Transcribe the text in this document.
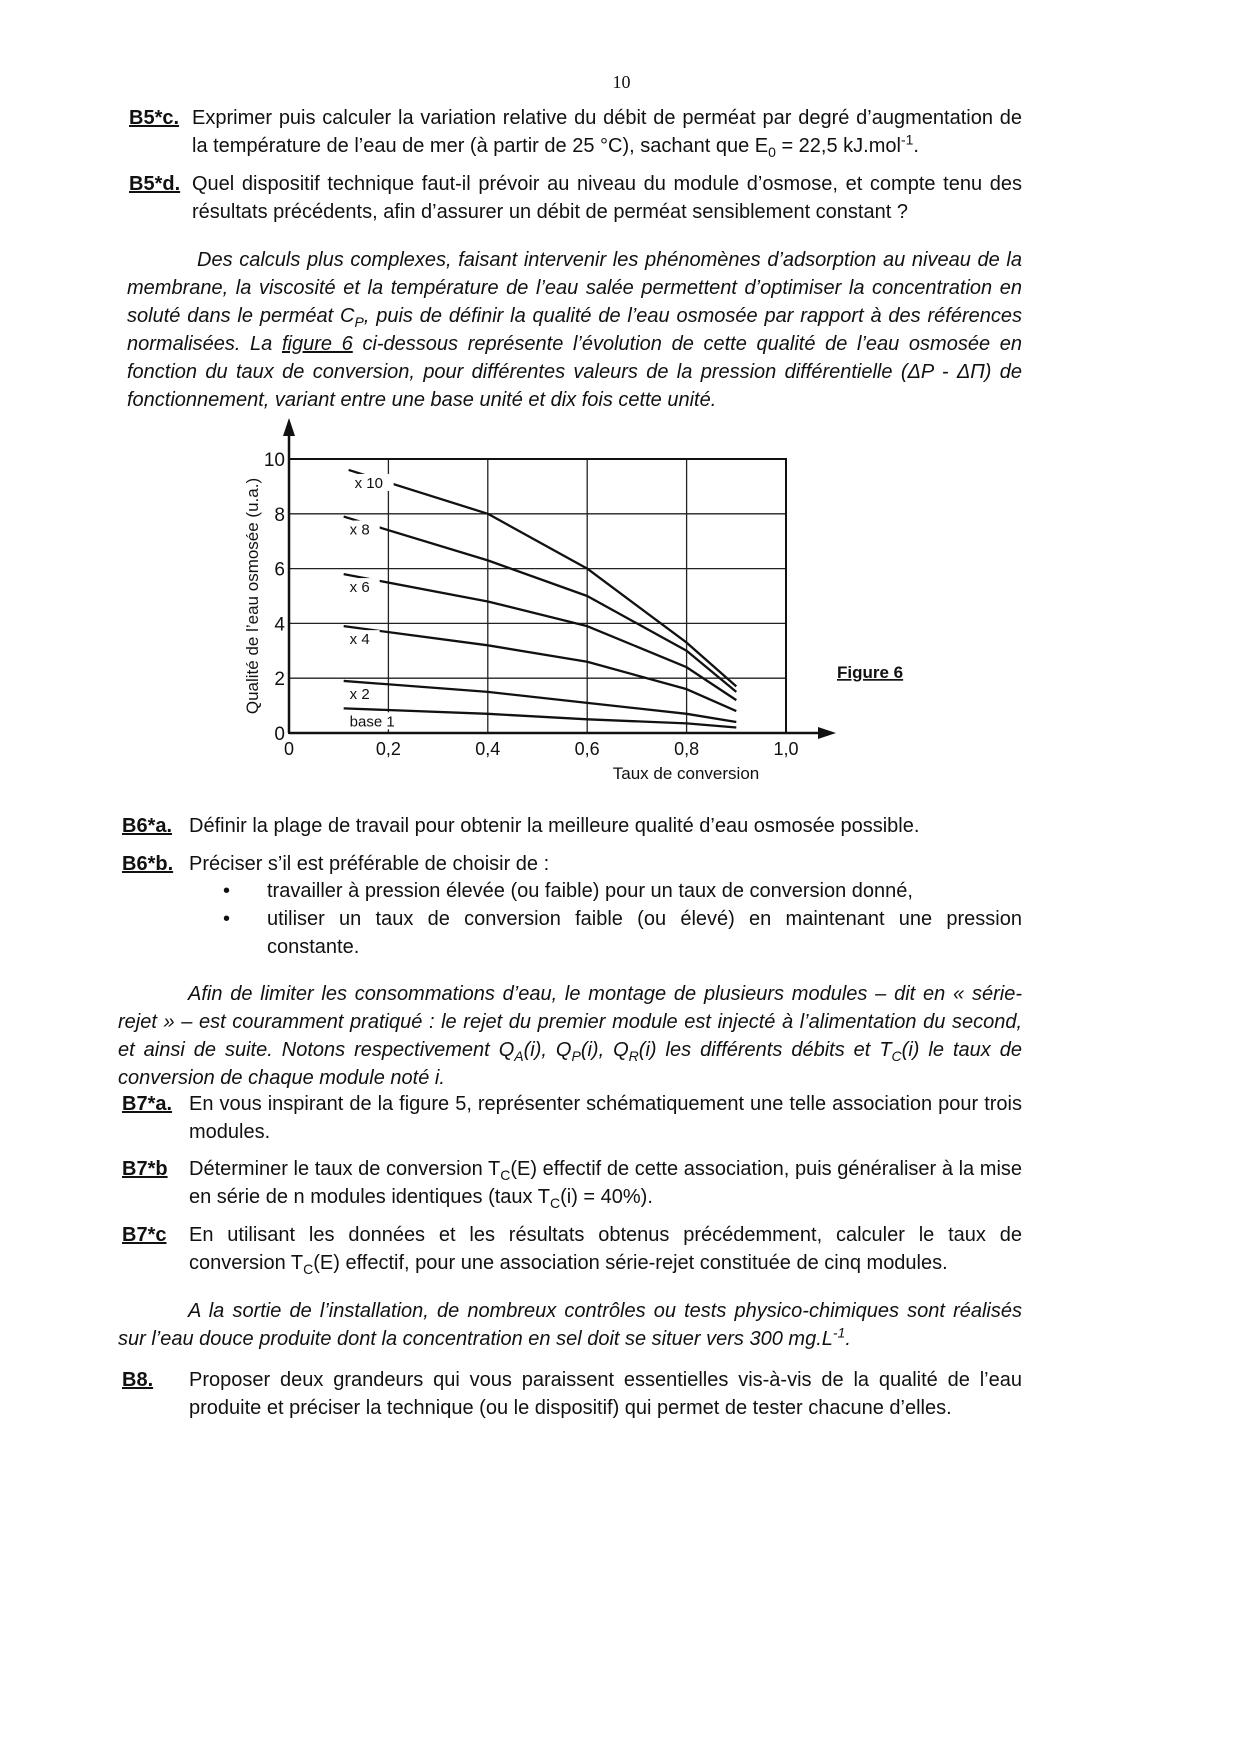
10
B5*c. Exprimer puis calculer la variation relative du débit de perméat par degré d’augmentation de la température de l’eau de mer (à partir de 25 °C), sachant que $E_0 = 22,5$ kJ.mol$^{-1}$.
B5*d. Quel dispositif technique faut-il prévoir au niveau du module d’osmose, et compte tenu des résultats précédents, afin d’assurer un débit de perméat sensiblement constant ?
Des calculs plus complexes, faisant intervenir les phénomènes d’adsorption au niveau de la membrane, la viscosité et la température de l’eau salée permettent d’optimiser la concentration en soluté dans le perméat $C_P$, puis de définir la qualité de l’eau osmosée par rapport à des références normalisées. La figure 6 ci-dessous représente l’évolution de cette qualité de l’eau osmosée en fonction du taux de conversion, pour différentes valeurs de la pression différentielle (ΔP - ΔΠ) de fonctionnement, variant entre une base unité et dix fois cette unité.
0
2
4
6
8
10
0	0,2	0,4	0,6	0,8	1,0
x 10
x 8
x 6
x 4
x 2
base 1
Qualité de l’eau osmosée (u.a.)
Taux de conversion
Figure 6
B6*a. Définir la plage de travail pour obtenir la meilleure qualité d’eau osmosée possible.
B6*b. Préciser s’il est préférable de choisir de :
• travailler à pression élevée (ou faible) pour un taux de conversion donné,
• utiliser un taux de conversion faible (ou élevé) en maintenant une pression constante.
Afin de limiter les consommations d’eau, le montage de plusieurs modules – dit en « série-rejet » – est couramment pratiqué : le rejet du premier module est injecté à l’alimentation du second, et ainsi de suite. Notons respectivement $Q_A(i)$, $Q_P(i)$, $Q_R(i)$ les différents débits et $T_C(i)$ le taux de conversion de chaque module noté i.
B7*a. En vous inspirant de la figure 5, représenter schématiquement une telle association pour trois modules.
B7*b Déterminer le taux de conversion $T_C(E)$ effectif de cette association, puis généraliser à la mise en série de n modules identiques (taux $T_C(i) = 40\%$).
B7*c En utilisant les données et les résultats obtenus précédemment, calculer le taux de conversion $T_C(E)$ effectif, pour une association série-rejet constituée de cinq modules.
A la sortie de l’installation, de nombreux contrôles ou tests physico-chimiques sont réalisés sur l’eau douce produite dont la concentration en sel doit se situer vers 300 $mg.L^{-1}$.
B8. Proposer deux grandeurs qui vous paraissent essentielles vis-à-vis de la qualité de l’eau produite et préciser la technique (ou le dispositif) qui permet de tester chacune d’elles.
